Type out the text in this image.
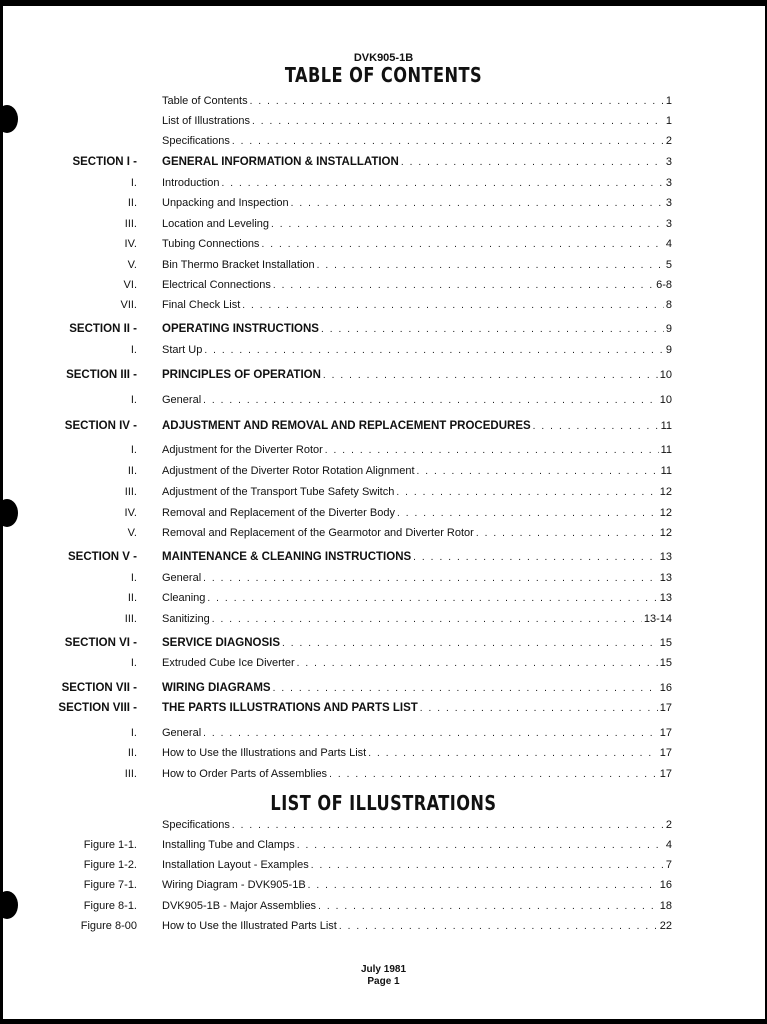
DVK905-1B
TABLE OF CONTENTS
Table of Contents . . .	1
List of Illustrations . . .	1
Specifications . . .	2
SECTION I - GENERAL INFORMATION & INSTALLATION . . .	3
I. Introduction . . .	3
II. Unpacking and Inspection . . .	3
III. Location and Leveling . . .	3
IV. Tubing Connections . . .	4
V. Bin Thermo Bracket Installation . . .	5
VI. Electrical Connections . . .	6-8
VII. Final Check List . . .	8
SECTION II - OPERATING INSTRUCTIONS . . .	9
I. Start Up . . .	9
SECTION III - PRINCIPLES OF OPERATION . . .	10
I. General . . .	10
SECTION IV - ADJUSTMENT AND REMOVAL AND REPLACEMENT PROCEDURES . . .	11
I. Adjustment for the Diverter Rotor . . .	11
II. Adjustment of the Diverter Rotor Rotation Alignment . . .	11
III. Adjustment of the Transport Tube Safety Switch . . .	12
IV. Removal and Replacement of the Diverter Body . . .	12
V. Removal and Replacement of the Gearmotor and Diverter Rotor . . .	12
SECTION V - MAINTENANCE & CLEANING INSTRUCTIONS . . .	13
I. General . . .	13
II. Cleaning . . .	13
III. Sanitizing . . .	13-14
SECTION VI - SERVICE DIAGNOSIS . . .	15
I. Extruded Cube Ice Diverter . . .	15
SECTION VII - WIRING DIAGRAMS . . .	16
SECTION VIII - THE PARTS ILLUSTRATIONS AND PARTS LIST . . .	17
I. General . . .	17
II. How to Use the Illustrations and Parts List . . .	17
III. How to Order Parts of Assemblies . . .	17
LIST OF ILLUSTRATIONS
Specifications . . .	2
Figure 1-1. Installing Tube and Clamps . . .	4
Figure 1-2. Installation Layout - Examples . . .	7
Figure 7-1. Wiring Diagram - DVK905-1B . . .	16
Figure 8-1. DVK905-1B - Major Assemblies . . .	18
Figure 8-00 How to Use the Illustrated Parts List . . .	22
July 1981
Page 1
